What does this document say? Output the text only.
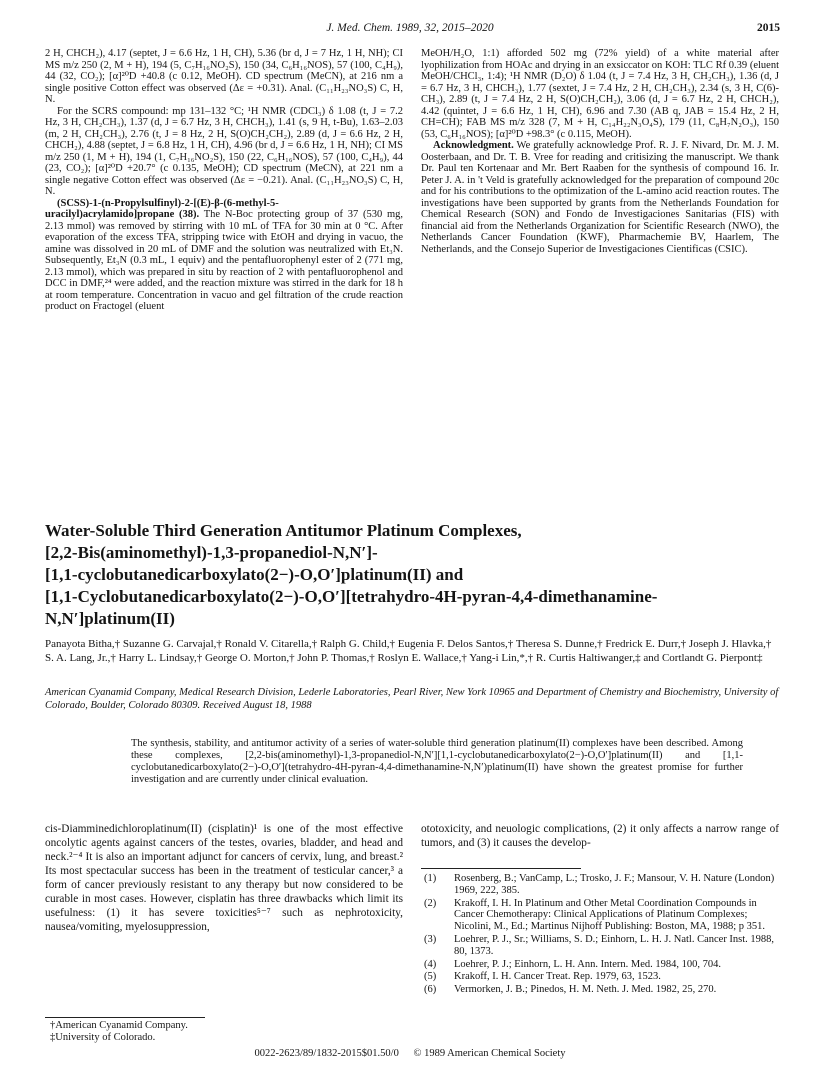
J. Med. Chem. 1989, 32, 2015–2020	2015

2 H, CHCH₂), 4.17 (septet, J = 6.6 Hz, 1 H, CH), 5.36 (br d, J = 7 Hz, 1 H, NH); CI MS m/z 250 (2, M + H), 194 (5, C₇H₁₆NO₂S), 150 (34, C₆H₁₆NOS), 57 (100, C₄H₉), 44 (32, CO₂); [α]²⁰D +40.8 (c 0.12, MeOH). CD spectrum (MeCN), at 216 nm a single positive Cotton effect was observed (Δε = +0.31). Anal. (C₁₁H₂₃NO₃S) C, H, N.

For the SCRS compound: mp 131–132 °C; ¹H NMR (CDCl₃) δ 1.08 (t, J = 7.2 Hz, 3 H, CH₂CH₃), 1.37 (d, J = 6.7 Hz, 3 H, CHCH₃), 1.41 (s, 9 H, t-Bu), 1.63–2.03 (m, 2 H, CH₂CH₃), 2.76 (t, J = 8 Hz, 2 H, S(O)CH₂CH₂), 2.89 (d, J = 6.6 Hz, 2 H, CHCH₂), 4.88 (septet, J = 6.8 Hz, 1 H, CH), 4.96 (br d, J = 6.6 Hz, 1 H, NH); CI MS m/z 250 (1, M + H), 194 (1, C₇H₁₆NO₂S), 150 (22, C₆H₁₆NOS), 57 (100, C₄H₉), 44 (23, CO₂); [α]²⁰D +20.7° (c 0.135, MeOH); CD spectrum (MeCN), at 221 nm a single negative Cotton effect was observed (Δε = −0.21). Anal. (C₁₁H₂₃NO₃S) C, H, N.

(SCSS)-1-(n-Propylsulfinyl)-2-[(E)-β-(6-methyl-5-uracilyl)acrylamido]propane (38). The N-Boc protecting group of 37 (530 mg, 2.13 mmol) was removed by stirring with 10 mL of TFA for 30 min at 0 °C. After evaporation of the excess TFA, stripping twice with EtOH and drying in vacuo, the amine was dissolved in 20 mL of DMF and the solution was neutralized with Et₃N. Subsequently, Et₃N (0.3 mL, 1 equiv) and the pentafluorophenyl ester of 2 (771 mg, 2.13 mmol), which was prepared in situ by reaction of 2 with pentafluorophenol and DCC in DMF,²⁴ were added, and the reaction mixture was stirred in the dark for 18 h at room temperature. Concentration in vacuo and gel filtration of the crude reaction product on Fractogel (eluent

MeOH/H₂O, 1:1) afforded 502 mg (72% yield) of a white material after lyophilization from HOAc and drying in an exsiccator on KOH: TLC Rf 0.39 (eluent MeOH/CHCl₃, 1:4); ¹H NMR (D₂O) δ 1.04 (t, J = 7.4 Hz, 3 H, CH₂CH₃), 1.36 (d, J = 6.7 Hz, 3 H, CHCH₃), 1.77 (sextet, J = 7.4 Hz, 2 H, CH₂CH₃), 2.34 (s, 3 H, C(6)-CH₃), 2.89 (t, J = 7.4 Hz, 2 H, S(O)CH₂CH₂), 3.06 (d, J = 6.7 Hz, 2 H, CHCH₂), 4.42 (quintet, J = 6.6 Hz, 1 H, CH), 6.96 and 7.30 (AB q, JAB = 15.4 Hz, 2 H, CH=CH); FAB MS m/z 328 (7, M + H, C₁₄H₂₂N₃O₄S), 179 (11, C₈H₇N₂O₃), 150 (53, C₆H₁₆NOS); [α]²⁰D +98.3° (c 0.115, MeOH).

Acknowledgment. We gratefully acknowledge Prof. R. J. F. Nivard, Dr. M. J. M. Oosterbaan, and Dr. T. B. Vree for reading and critisizing the manuscript. We thank Dr. Paul ten Kortenaar and Mr. Bert Raaben for the synthesis of compound 16. Ir. Peter J. A. in 't Veld is gratefully acknowledged for the preparation of compound 20c and for his contributions to the optimization of the L-amino acid reaction routes. The investigations have been supported by grants from the Netherlands Foundation for Chemical Research (SON) and Fondo de Investigaciones Sanitarias (FIS) with financial aid from the Netherlands Organization for Scientific Research (NWO), the Netherlands Cancer Foundation (KWF), Pharmachemie BV, Haarlem, The Netherlands, and the Consejo Superior de Investigaciones Cientificas (CSIC).

Water-Soluble Third Generation Antitumor Platinum Complexes,
[2,2-Bis(aminomethyl)-1,3-propanediol-N,N′]-
[1,1-cyclobutanedicarboxylato(2−)-O,O′]platinum(II) and
[1,1-Cyclobutanedicarboxylato(2−)-O,O′][tetrahydro-4H-pyran-4,4-dimethanamine-
N,N′]platinum(II)
Panayota Bitha,† Suzanne G. Carvajal,† Ronald V. Citarella,† Ralph G. Child,† Eugenia F. Delos Santos,† Theresa S. Dunne,† Fredrick E. Durr,† Joseph J. Hlavka,† S. A. Lang, Jr.,† Harry L. Lindsay,† George O. Morton,† John P. Thomas,† Roslyn E. Wallace,† Yang-i Lin,*,† R. Curtis Haltiwanger,‡ and Cortlandt G. Pierpont‡
American Cyanamid Company, Medical Research Division, Lederle Laboratories, Pearl River, New York 10965 and Department of Chemistry and Biochemistry, University of Colorado, Boulder, Colorado 80309. Received August 18, 1988
The synthesis, stability, and antitumor activity of a series of water-soluble third generation platinum(II) complexes have been described. Among these complexes, [2,2-bis(aminomethyl)-1,3-propanediol-N,N′][1,1-cyclobutanedicarboxylato(2−)-O,O′]platinum(II) and [1,1-cyclobutanedicarboxylato(2−)-O,O′](tetrahydro-4H-pyran-4,4-dimethanamine-N,N′)platinum(II) have shown the greatest promise for further investigation and are currently under clinical evaluation.

cis-Diamminedichloroplatinum(II) (cisplatin)¹ is one of the most effective oncolytic agents against cancers of the testes, ovaries, bladder, and head and neck.²⁻⁴ It is also an important adjunct for cancers of cervix, lung, and breast.² Its most spectacular success has been in the treatment of testicular cancer,³ a form of cancer previously resistant to any therapy but now considered to be curable in most cases. However, cisplatin has three drawbacks which limit its usefulness: (1) it has severe toxicities⁵⁻⁷ such as nephrotoxicity, nausea/vomiting, myelosuppression,

ototoxicity, and neuologic complications, (2) it only affects a narrow range of tumors, and (3) it causes the develop-

(1) Rosenberg, B.; VanCamp, L.; Trosko, J. F.; Mansour, V. H. Nature (London) 1969, 222, 385.
(2) Krakoff, I. H. In Platinum and Other Metal Coordination Compounds in Cancer Chemotherapy: Clinical Applications of Platinum Complexes; Nicolini, M., Ed.; Martinus Nijhoff Publishing: Boston, MA, 1988; p 351.
(3) Loehrer, P. J., Sr.; Williams, S. D.; Einhorn, L. H. J. Natl. Cancer Inst. 1988, 80, 1373.
(4) Loehrer, P. J.; Einhorn, L. H. Ann. Intern. Med. 1984, 100, 704.
(5) Krakoff, I. H. Cancer Treat. Rep. 1979, 63, 1523.
(6) Vermorken, J. B.; Pinedos, H. M. Neth. J. Med. 1982, 25, 270.
†American Cyanamid Company.
‡University of Colorado.
0022-2623/89/1832-2015$01.50/0 © 1989 American Chemical Society
